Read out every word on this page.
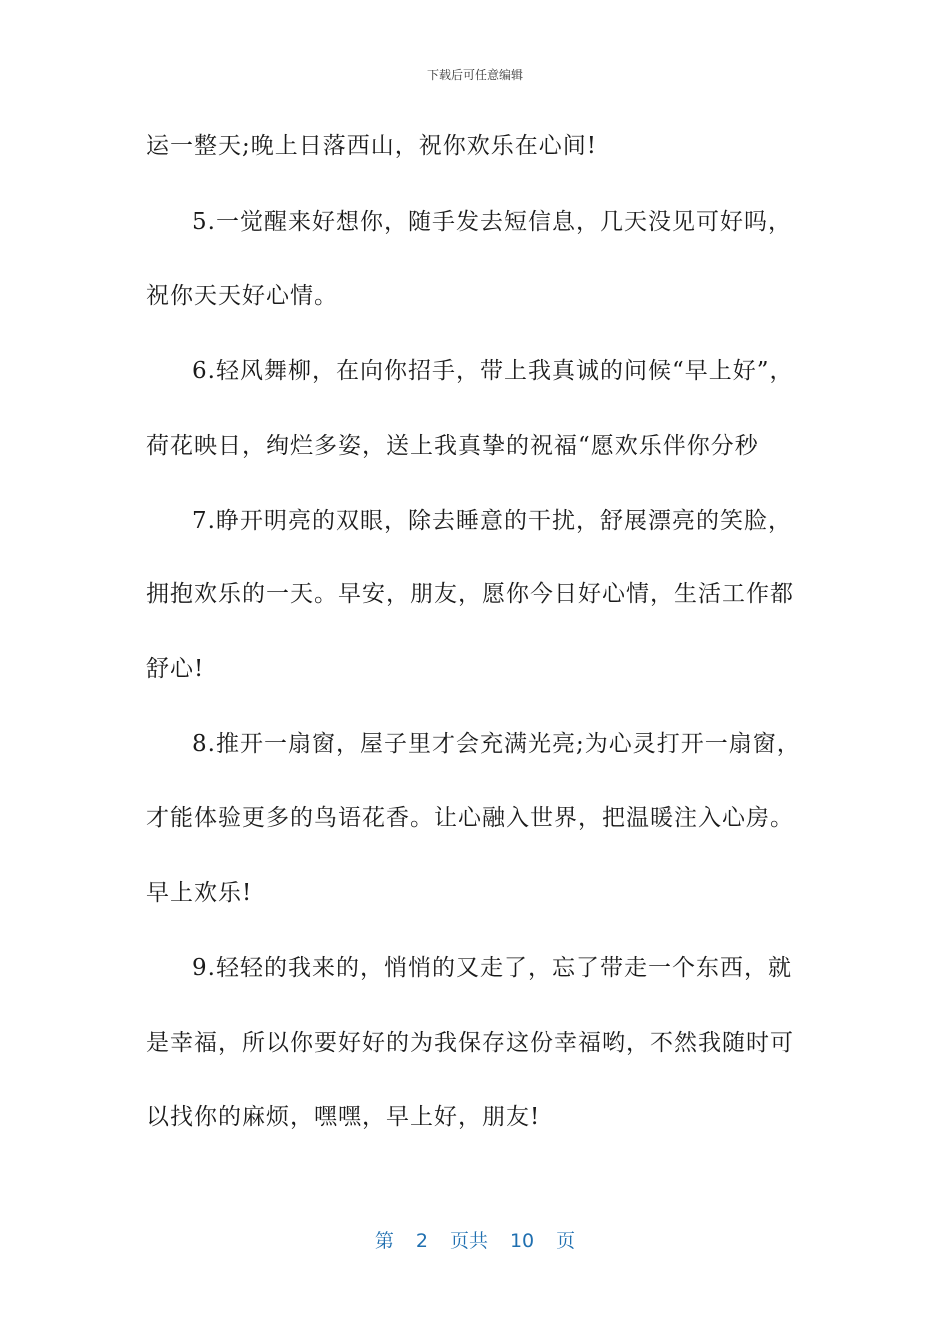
下载后可任意编辑
运一整天;晚上日落西山，祝你欢乐在心间!
5.一觉醒来好想你，随手发去短信息，几天没见可好吗，
祝你天天好心情。
6.轻风舞柳，在向你招手，带上我真诚的问候“早上好”，
荷花映日，绚烂多姿，送上我真挚的祝福“愿欢乐伴你分秒
7.睁开明亮的双眼，除去睡意的干扰，舒展漂亮的笑脸，
拥抱欢乐的一天。早安，朋友，愿你今日好心情，生活工作都
舒心!
8.推开一扇窗，屋子里才会充满光亮;为心灵打开一扇窗，
才能体验更多的鸟语花香。让心融入世界，把温暖注入心房。
早上欢乐!
9.轻轻的我来的，悄悄的又走了，忘了带走一个东西，就
是幸福，所以你要好好的为我保存这份幸福哟，不然我随时可
以找你的麻烦，嘿嘿，早上好，朋友!
第 2 页共 10 页
